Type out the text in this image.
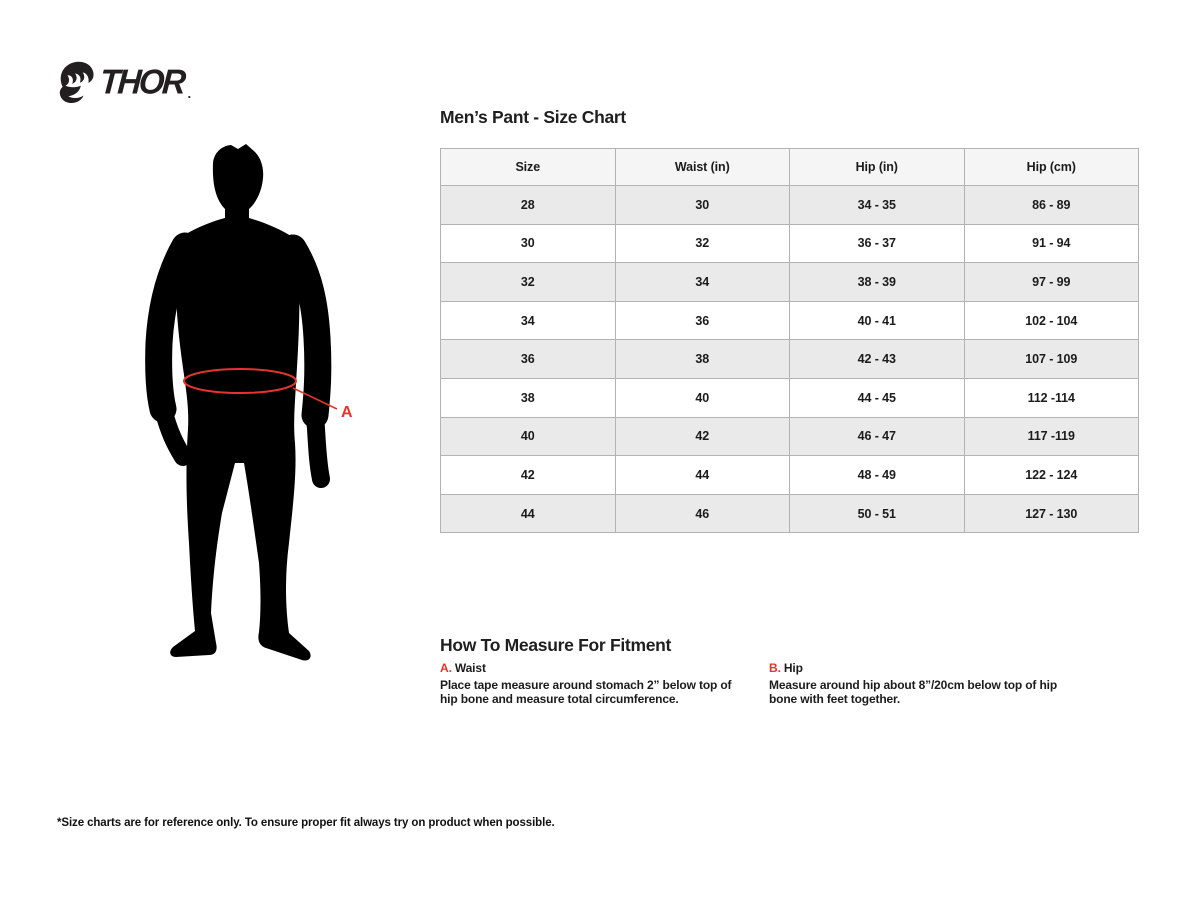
THOR .
A
Men’s Pant - Size Chart
Size	Waist (in)	Hip (in)	Hip (cm)
28	30	34 - 35	86 - 89
30	32	36 - 37	91 - 94
32	34	38 - 39	97 - 99
34	36	40 - 41	102 - 104
36	38	42 - 43	107 - 109
38	40	44 - 45	112 -114
40	42	46 - 47	117 -119
42	44	48 - 49	122 - 124
44	46	50 - 51	127 - 130
How To Measure For Fitment
A. Waist
Place tape measure around stomach 2” below top of hip bone and measure total circumference.
B. Hip
Measure around hip about 8”/20cm below top of hip bone with feet together.
*Size charts are for reference only. To ensure proper fit always try on product when possible.
